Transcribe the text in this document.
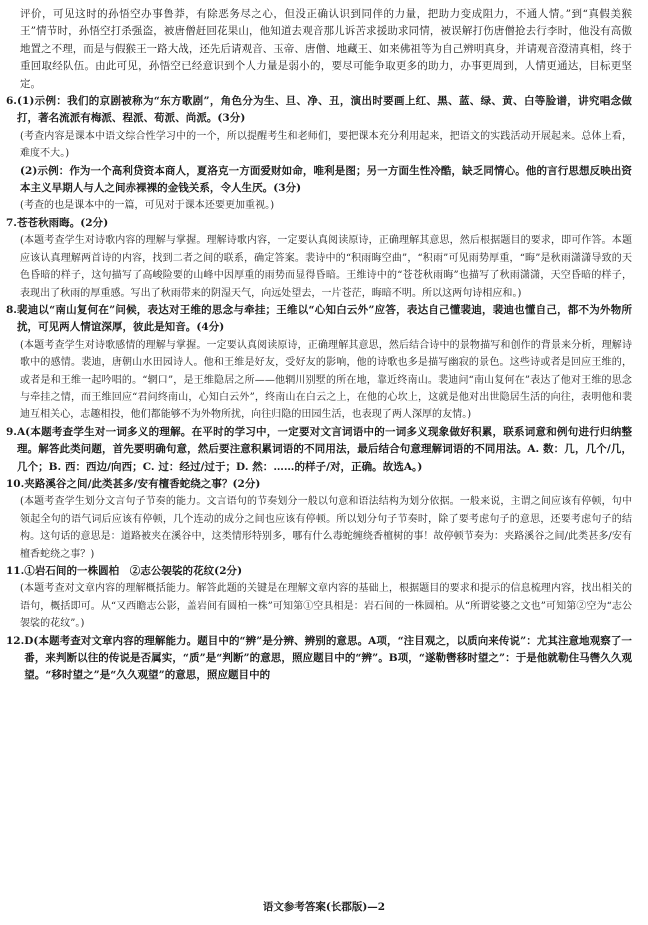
评价，可见这时的孙悟空办事鲁莽，有除恶务尽之心，但没正确认识到同伴的力量，把助力变成阻力，不通人情。”到“真假美猴王”情节时，孙悟空打杀强盗，被唐僧赶回花果山，他知道去观音那儿诉苦求援助求同情，被误解打伤唐僧抢去行李时，他没有高傲地置之不理，而是与假猴王一路大战，还先后请观音、玉帝、唐僧、地藏王、如来佛祖等为自己辨明真身，并请观音澄清真相，终于重回取经队伍。由此可见，孙悟空已经意识到个人力量是弱小的，要尽可能争取更多的助力，办事更周到，人情更通达，目标更坚定。

6. (1)示例：我们的京剧被称为“东方歌剧”，角色分为生、旦、净、丑，演出时要画上红、黑、蓝、绿、黄、白等脸谱，讲究唱念做打，著名流派有梅派、程派、荀派、尚派。(3分)

(考查内容是课本中语文综合性学习中的一个，所以提醒考生和老师们，要把课本充分利用起来，把语文的实践活动开展起来。总体上看，难度不大。)

(2)示例：作为一个高利贷资本商人，夏洛克一方面爱财如命，唯利是图；另一方面生性冷酷，缺乏同情心。他的言行思想反映出资本主义早期人与人之间赤裸裸的金钱关系，令人生厌。(3分)

(考查的也是课本中的一篇，可见对于课本还要更加重视。)

7. 苍苍秋雨晦。(2分)

(本题考查学生对诗歌内容的理解与掌握。理解诗歌内容，一定要认真阅读原诗，正确理解其意思，然后根据题目的要求，即可作答。本题应该认真理解两首诗的内容，找到二者之间的联系，确定答案。裴诗中的“积雨晦空曲”，“积雨”可见雨势厚重，“晦”是秋雨潇潇导致的天色昏暗的样子，这句描写了高峻险要的山峰中因厚重的雨势而显得昏暗。王维诗中的“苍苍秋雨晦”也描写了秋雨潇潇，天空昏暗的样子，表现出了秋雨的厚重感。写出了秋雨带来的阴湿天气，向远处望去，一片苍茫，晦暗不明。所以这两句诗相应和。)

8. 裴迪以“南山复何在”问候，表达对王维的思念与牵挂；王维以“心知白云外”应答，表达自己懂裴迪，裴迪也懂自己，都不为外物所扰，可见两人情谊深厚，彼此是知音。(4分)

(本题考查学生对诗歌感情的理解与掌握。一定要认真阅读原诗，正确理解其意思，然后结合诗中的景物描写和创作的背景来分析，理解诗歌中的感情。裴迪，唐朝山水田园诗人。他和王维是好友，受好友的影响，他的诗歌也多是描写幽寂的景色。这些诗或者是回应王维的，或者是和王维一起吟唱的。“辋口”，是王维隐居之所——他辋川别墅的所在地，靠近终南山。裴迪问“南山复何在”表达了他对王维的思念与牵挂之情，而王维回应“君问终南山，心知白云外”，终南山在白云之上，在他的心坎上，这就是他对出世隐居生活的向往，表明他和裴迪互相关心，志趣相投，他们都能够不为外物所扰，向往归隐的田园生活，也表现了两人深厚的友情。)

9. A(本题考查学生对一词多义的理解。在平时的学习中，一定要对文言词语中的一词多义现象做好积累，联系词意和例句进行归纳整理。解答此类问题，首先要明确句意，然后要注意积累词语的不同用法，最后结合句意理解词语的不同用法。A. 数：几，几个/几，几个；B. 西：西边/向西；C. 过：经过/过于；D. 然：……的样子/对，正确。故选A。)

10. 夹路溪谷之间/此类甚多/安有檀香蛇绕之事？(2分)

(本题考查学生划分文言句子节奏的能力。文言语句的节奏划分一般以句意和语法结构为划分依据。一般来说，主谓之间应该有停顿，句中领起全句的语气词后应该有停顿，几个连动的成分之间也应该有停顿。所以划分句子节奏时，除了要考虑句子的意思，还要考虑句子的结构。这句话的意思是：道路被夹在溪谷中，这类情形特别多，哪有什么毒蛇缠绕香檀树的事！故停顿节奏为：夹路溪谷之间/此类甚多/安有檀香蛇绕之事？)

11. ①岩石间的一株圆柏　②志公袈裟的花纹(2分)

(本题考查对文章内容的理解概括能力。解答此题的关键是在理解文章内容的基础上，根据题目的要求和提示的信息梳理内容，找出相关的语句，概括即可。从“又西瞻志公影，盖岩间有圆柏一株”可知第①空具相是：岩石间的一株圆柏。从“所谓娑婆之文也”可知第②空为“志公袈裟的花纹”。)

12. D(本题考查对文章内容的理解能力。题目中的“辨”是分辨、辨别的意思。A项，“注目观之，以质向来传说”：尤其注意地观察了一番，来判断以往的传说是否属实，“质”是“判断”的意思，照应题目中的“辨”。B项，“遂勒辔移时望之”：于是他就勒住马辔久久观望。“移时望之”是“久久观望”的意思，照应题目中的

语文参考答案(长郡版)—2
